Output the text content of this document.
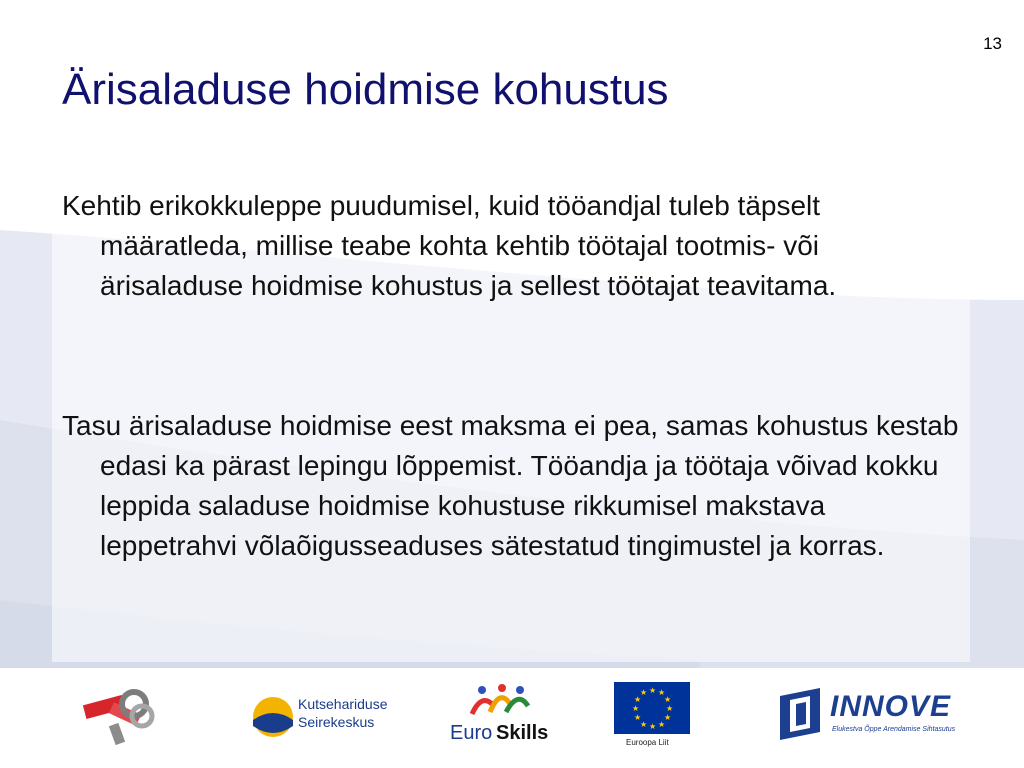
13
Ärisaladuse hoidmise kohustus

Kehtib erikokkuleppe puudumisel, kuid tööandjal tuleb täpselt määratleda, millise teabe kohta kehtib töötajal tootmis- või ärisaladuse hoidmise kohustus ja sellest töötajat teavitama.

Tasu ärisaladuse hoidmise eest maksma ei pea, samas kohustus kestab edasi ka pärast lepingu lõppemist. Tööandja ja töötaja võivad kokku leppida saladuse hoidmise kohustuse rikkumisel makstava leppetrahvi võlaõigusseaduses sätestatud tingimustel ja korras.

Kutsehariduse
Seirekeskus	Euro Skills
★ ★
★
★
★
★
★
★
★
★
★
★
Euroopa Liit
INNOVE
Elukestva Õppe Arendamise Sihtasutus
